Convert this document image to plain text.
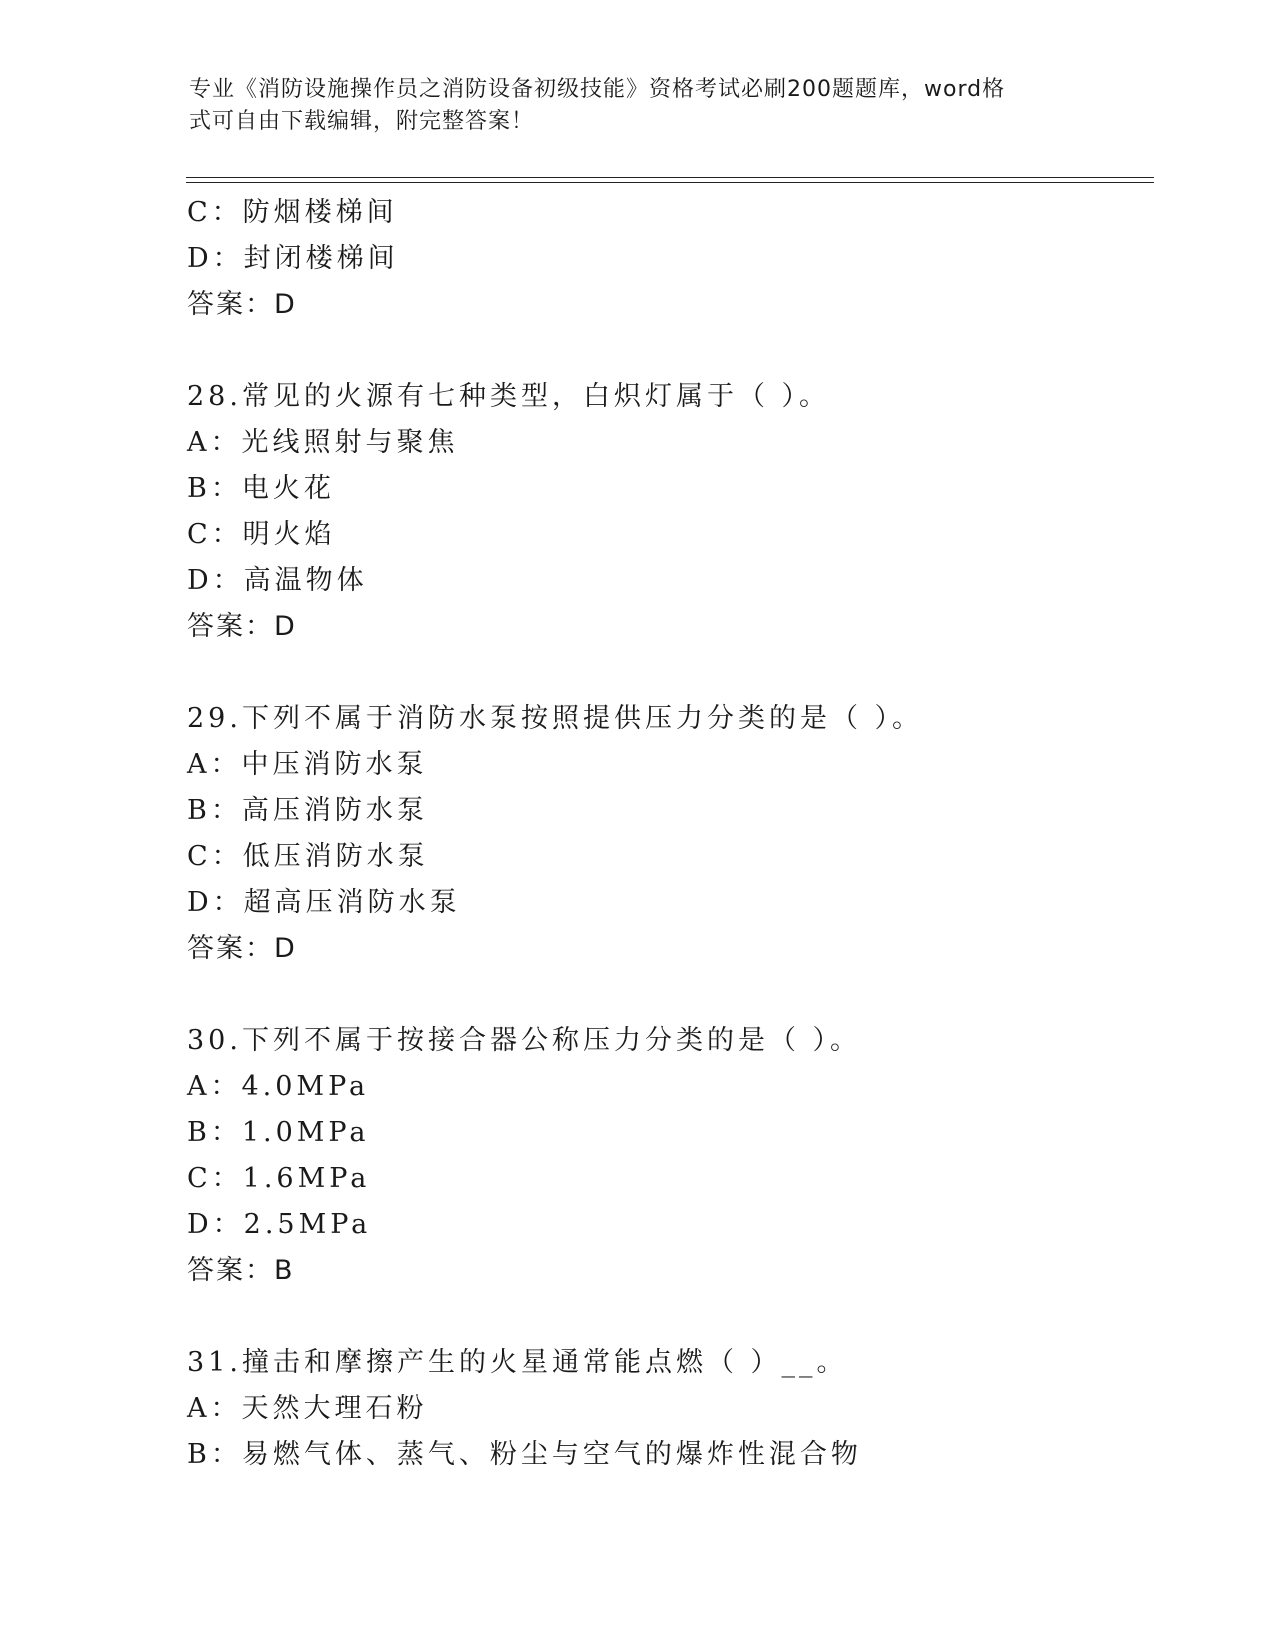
专业《消防设施操作员之消防设备初级技能》资格考试必刷200题题库，word格
式可自由下载编辑，附完整答案！
C：防烟楼梯间
D：封闭楼梯间
答案：D
28.常见的火源有七种类型，白炽灯属于（ ）。
A：光线照射与聚焦
B：电火花
C：明火焰
D：高温物体
答案：D
29.下列不属于消防水泵按照提供压力分类的是（ ）。
A：中压消防水泵
B：高压消防水泵
C：低压消防水泵
D：超高压消防水泵
答案：D
30.下列不属于按接合器公称压力分类的是（ ）。
A：4.0MPa
B：1.0MPa
C：1.6MPa
D：2.5MPa
答案：B
31.撞击和摩擦产生的火星通常能点燃（ ）__。
A：天然大理石粉
B：易燃气体、蒸气、粉尘与空气的爆炸性混合物
